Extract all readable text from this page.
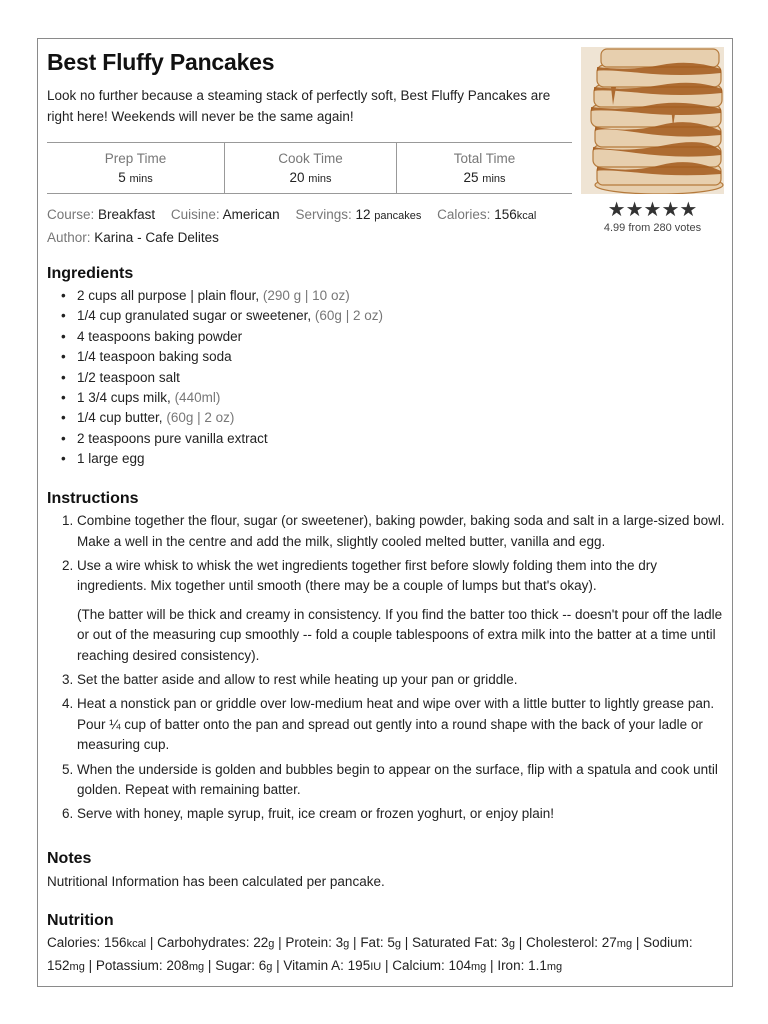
Best Fluffy Pancakes
Look no further because a steaming stack of perfectly soft, Best Fluffy Pancakes are right here! Weekends will never be the same again!
★★★★★
4.99 from 280 votes
Prep Time
5 mins
Cook Time
20 mins
Total Time
25 mins
Course: Breakfast Cuisine: American Servings: 12 pancakes Calories: 156kcal
Author: Karina - Cafe Delites
Ingredients
• 2 cups all purpose | plain flour, (290 g | 10 oz)
• 1/4 cup granulated sugar or sweetener, (60g | 2 oz)
• 4 teaspoons baking powder
• 1/4 teaspoon baking soda
• 1/2 teaspoon salt
• 1 3/4 cups milk, (440ml)
• 1/4 cup butter, (60g | 2 oz)
• 2 teaspoons pure vanilla extract
• 1 large egg
Instructions
1. Combine together the flour, sugar (or sweetener), baking powder, baking soda and salt in a large-sized bowl. Make a well in the centre and add the milk, slightly cooled melted butter, vanilla and egg.
2. Use a wire whisk to whisk the wet ingredients together first before slowly folding them into the dry ingredients. Mix together until smooth (there may be a couple of lumps but that's okay).
(The batter will be thick and creamy in consistency. If you find the batter too thick -- doesn't pour off the ladle or out of the measuring cup smoothly -- fold a couple tablespoons of extra milk into the batter at a time until reaching desired consistency).
3. Set the batter aside and allow to rest while heating up your pan or griddle.
4. Heat a nonstick pan or griddle over low-medium heat and wipe over with a little butter to lightly grease pan. Pour ¼ cup of batter onto the pan and spread out gently into a round shape with the back of your ladle or measuring cup.
5. When the underside is golden and bubbles begin to appear on the surface, flip with a spatula and cook until golden. Repeat with remaining batter.
6. Serve with honey, maple syrup, fruit, ice cream or frozen yoghurt, or enjoy plain!
Notes
Nutritional Information has been calculated per pancake.
Nutrition
Calories: 156kcal | Carbohydrates: 22g | Protein: 3g | Fat: 5g | Saturated Fat: 3g | Cholesterol: 27mg | Sodium: 152mg | Potassium: 208mg | Sugar: 6g | Vitamin A: 195IU | Calcium: 104mg | Iron: 1.1mg
